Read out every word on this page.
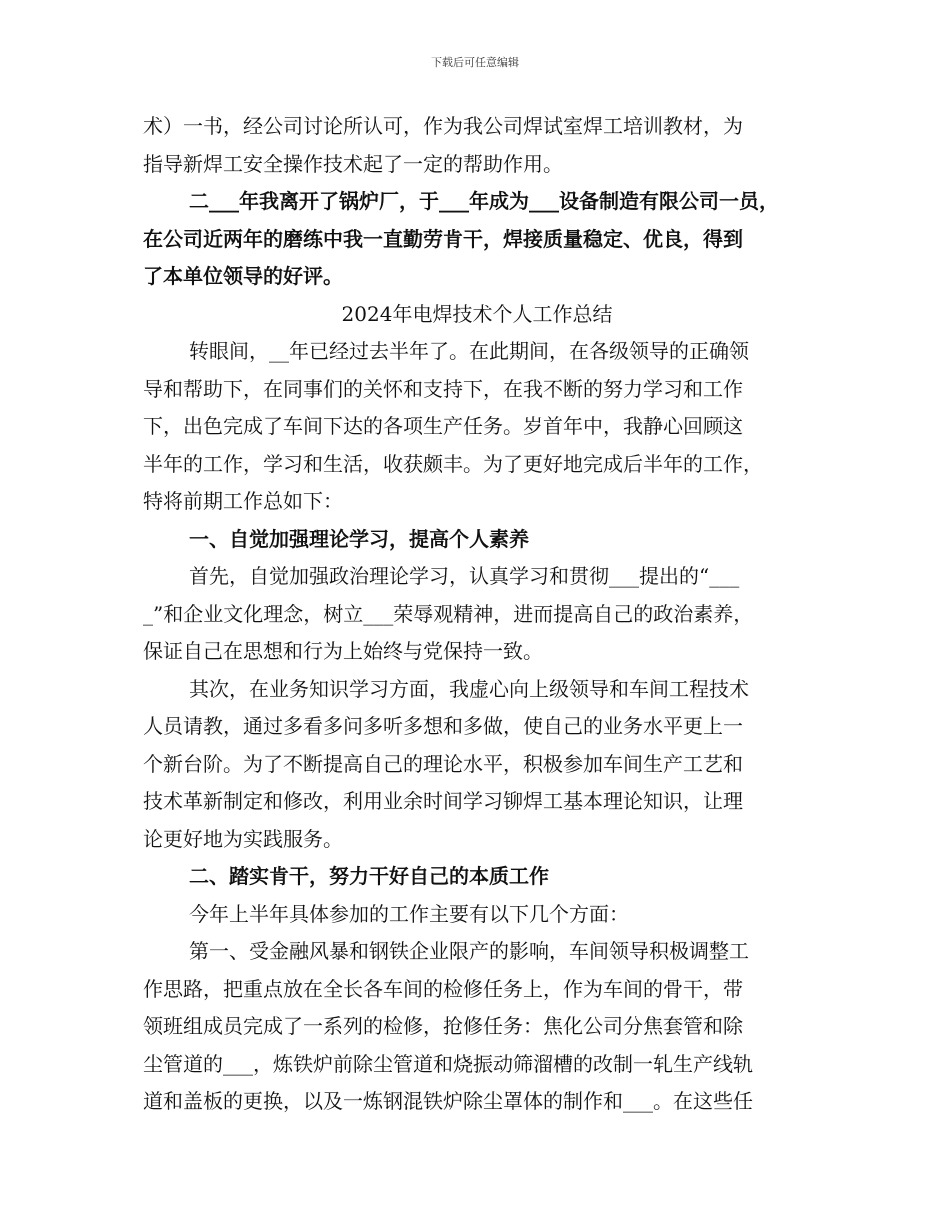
下载后可任意编辑
术）一书，经公司讨论所认可，作为我公司焊试室焊工培训教材，为
指导新焊工安全操作技术起了一定的帮助作用。
二___年我离开了锅炉厂，于___年成为___设备制造有限公司一员，
在公司近两年的磨练中我一直勤劳肯干，焊接质量稳定、优良，得到
了本单位领导的好评。
2024年电焊技术个人工作总结
转眼间，__年已经过去半年了。在此期间，在各级领导的正确领
导和帮助下，在同事们的关怀和支持下，在我不断的努力学习和工作
下，出色完成了车间下达的各项生产任务。岁首年中，我静心回顾这
半年的工作，学习和生活，收获颇丰。为了更好地完成后半年的工作，
特将前期工作总如下：
一、自觉加强理论学习，提高个人素养
首先，自觉加强政治理论学习，认真学习和贯彻___提出的“___
_”和企业文化理念，树立___荣辱观精神，进而提高自己的政治素养，
保证自己在思想和行为上始终与党保持一致。
其次，在业务知识学习方面，我虚心向上级领导和车间工程技术
人员请教，通过多看多问多听多想和多做，使自己的业务水平更上一
个新台阶。为了不断提高自己的理论水平，积极参加车间生产工艺和
技术革新制定和修改，利用业余时间学习铆焊工基本理论知识，让理
论更好地为实践服务。
二、踏实肯干，努力干好自己的本质工作
今年上半年具体参加的工作主要有以下几个方面：
第一、受金融风暴和钢铁企业限产的影响，车间领导积极调整工
作思路，把重点放在全长各车间的检修任务上，作为车间的骨干，带
领班组成员完成了一系列的检修，抢修任务：焦化公司分焦套管和除
尘管道的___，炼铁炉前除尘管道和烧振动筛溜槽的改制一轧生产线轨
道和盖板的更换，以及一炼钢混铁炉除尘罩体的制作和___。在这些任
